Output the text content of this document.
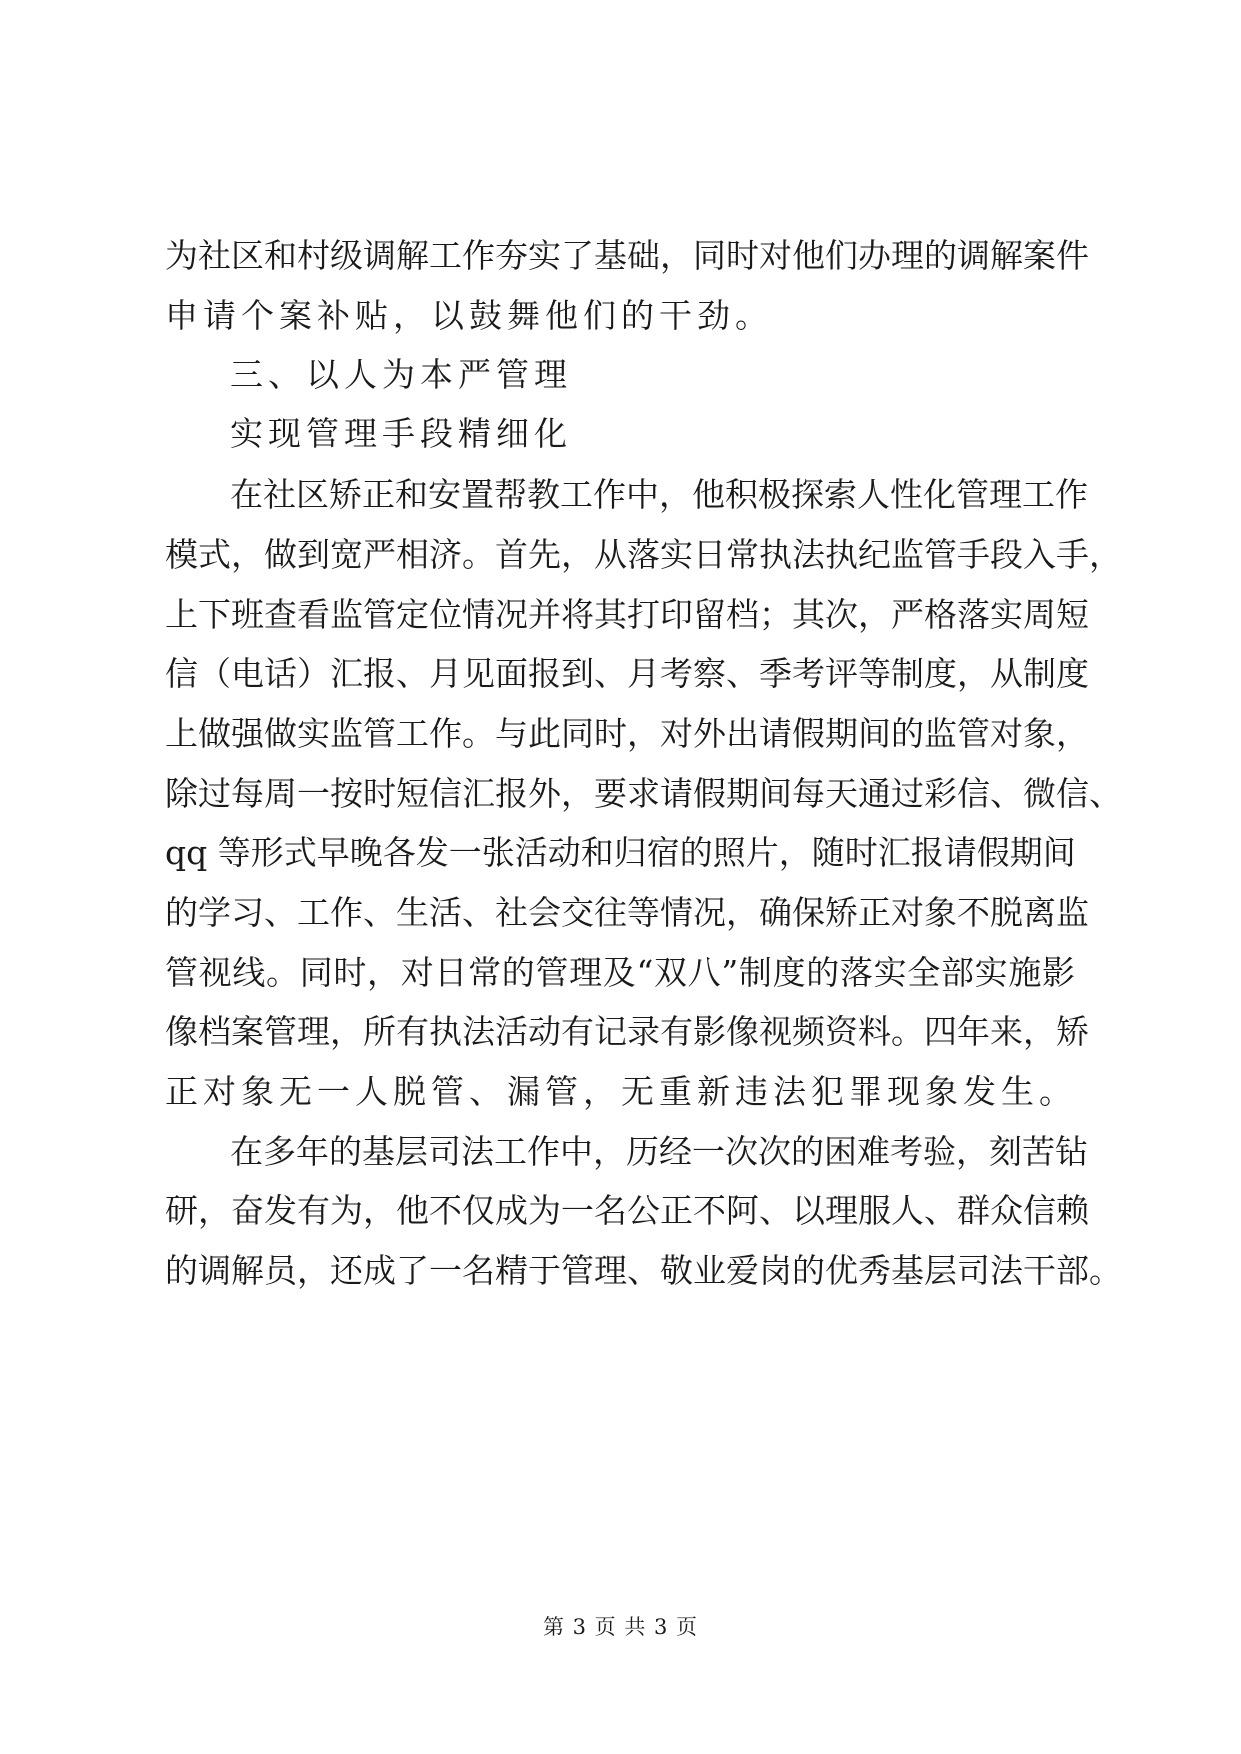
为社区和村级调解工作夯实了基础，同时对他们办理的调解案件
申请个案补贴，以鼓舞他们的干劲。
三、以人为本严管理
实现管理手段精细化
在社区矫正和安置帮教工作中，他积极探索人性化管理工作
模式，做到宽严相济。首先，从落实日常执法执纪监管手段入手，
上下班查看监管定位情况并将其打印留档；其次，严格落实周短
信（电话）汇报、月见面报到、月考察、季考评等制度，从制度
上做强做实监管工作。与此同时，对外出请假期间的监管对象，
除过每周一按时短信汇报外，要求请假期间每天通过彩信、微信、
qq 等形式早晚各发一张活动和归宿的照片，随时汇报请假期间
的学习、工作、生活、社会交往等情况，确保矫正对象不脱离监
管视线。同时，对日常的管理及“双八”制度的落实全部实施影
像档案管理，所有执法活动有记录有影像视频资料。四年来，矫
正对象无一人脱管、漏管，无重新违法犯罪现象发生。
在多年的基层司法工作中，历经一次次的困难考验，刻苦钻
研，奋发有为，他不仅成为一名公正不阿、以理服人、群众信赖
的调解员，还成了一名精于管理、敬业爱岗的优秀基层司法干部。
第 3 页 共 3 页
